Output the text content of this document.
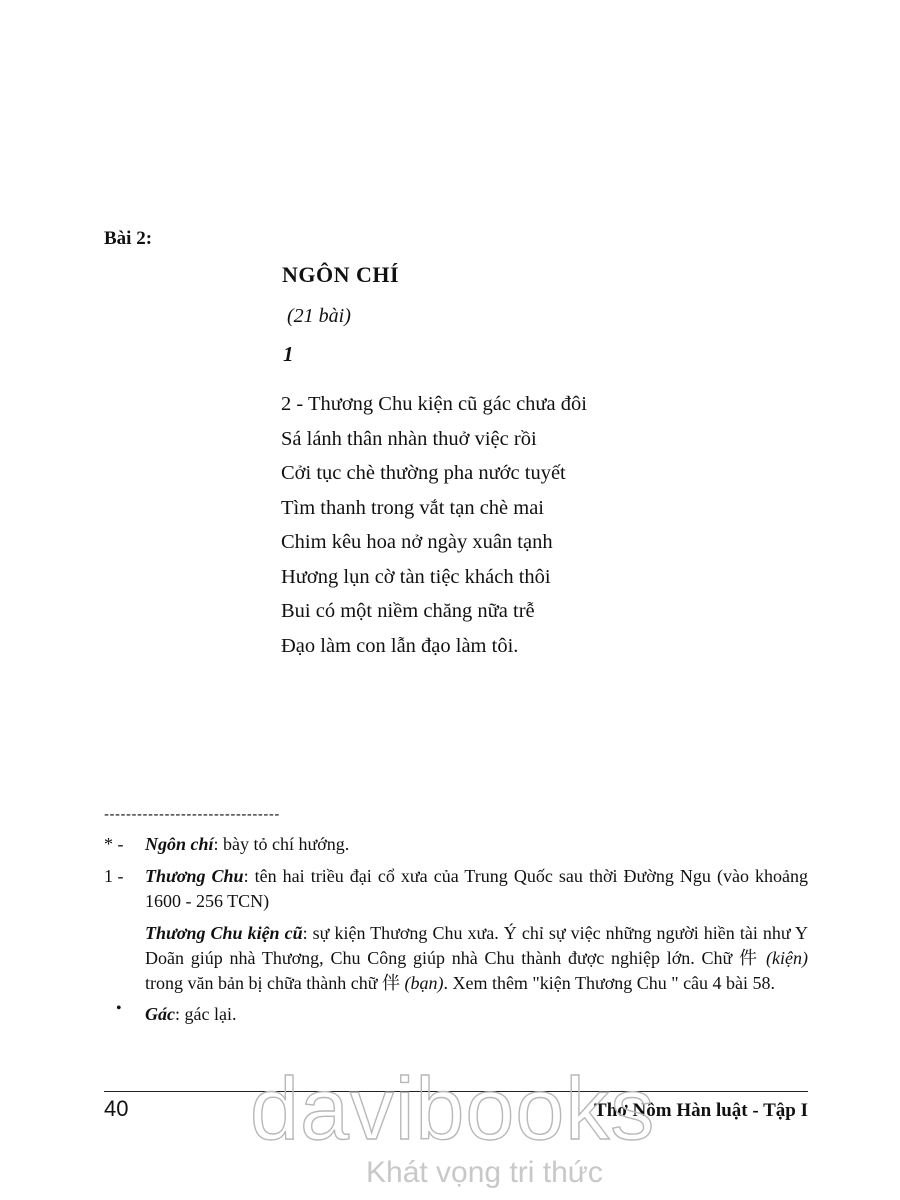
Bài 2:
NGÔN CHÍ
(21 bài)
1
2 - Thương Chu kiện cũ gác chưa đôi
Sá lánh thân nhàn thuở việc rồi
Cởi tục chè thường pha nước tuyết
Tìm thanh trong vắt tạn chè mai
Chim kêu hoa nở ngày xuân tạnh
Hương lụn cờ tàn tiệc khách thôi
Bui có một niềm chăng nữa trễ
Đạo làm con lẫn đạo làm tôi.
--------------------------------
* - Ngôn chí: bày tỏ chí hướng.
1 - Thương Chu: tên hai triều đại cổ xưa của Trung Quốc sau thời Đường Ngu (vào khoảng 1600 - 256 TCN)
Thương Chu kiện cũ: sự kiện Thương Chu xưa. Ý chỉ sự việc những người hiền tài như Y Doãn giúp nhà Thương, Chu Công giúp nhà Chu thành được nghiệp lớn. Chữ 件 (kiện) trong văn bản bị chữa thành chữ 伴 (bạn). Xem thêm "kiện Thương Chu " câu 4 bài 58.
Gác: gác lại.
•
40	Thơ Nôm Hàn luật - Tập I
davibooks
Khát vọng tri thức
